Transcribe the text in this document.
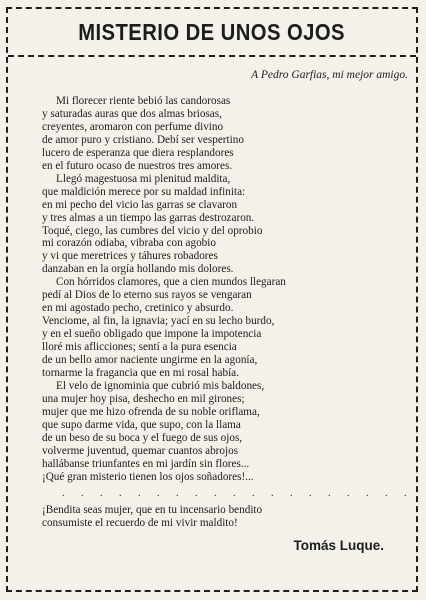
MISTERIO DE UNOS OJOS
A Pedro Garfias, mi mejor amigo.
Mi florecer riente bebió las candorosas
y saturadas auras que dos almas briosas,
creyentes, aromaron con perfume divino
de amor puro y cristiano. Debí ser vespertino
lucero de esperanza que diera resplandores
en el futuro ocaso de nuestros tres amores.
Llegó magestuosa mi plenitud maldita,
que maldición merece por su maldad infinita:
en mi pecho del vicio las garras se clavaron
y tres almas a un tiempo las garras destrozaron.
Toqué, ciego, las cumbres del vicio y del oprobio
mi corazón odiaba, vibraba con agobio
y vi que meretrices y táhures robadores
danzaban en la orgía hollando mis dolores.
Con hórridos clamores, que a cien mundos llegaran
pedí al Dios de lo eterno sus rayos se vengaran
en mi agostado pecho, cretinico y absurdo.
Venciome, al fin, la ignavia; yací en su lecho burdo,
y en el sueño obligado que impone la impotencia
lloré mis aflicciones; sentí a la pura esencia
de un bello amor naciente ungirme en la agonía,
tornarme la fragancia que en mi rosal había.
El velo de ignominia que cubrió mis baldones,
una mujer hoy pisa, deshecho en mil girones;
mujer que me hizo ofrenda de su noble oriflama,
que supo darme vida, que supo, con la llama
de un beso de su boca y el fuego de sus ojos,
volverme juventud, quemar cuantos abrojos
hallábanse triunfantes en mi jardín sin flores...
¡Qué gran misterio tienen los ojos soñadores!...
. . . . . . . . . . . . . . . . . . .
¡Bendita seas mujer, que en tu incensario bendito
consumiste el recuerdo de mi vivir maldito!
Tomás Luque.
